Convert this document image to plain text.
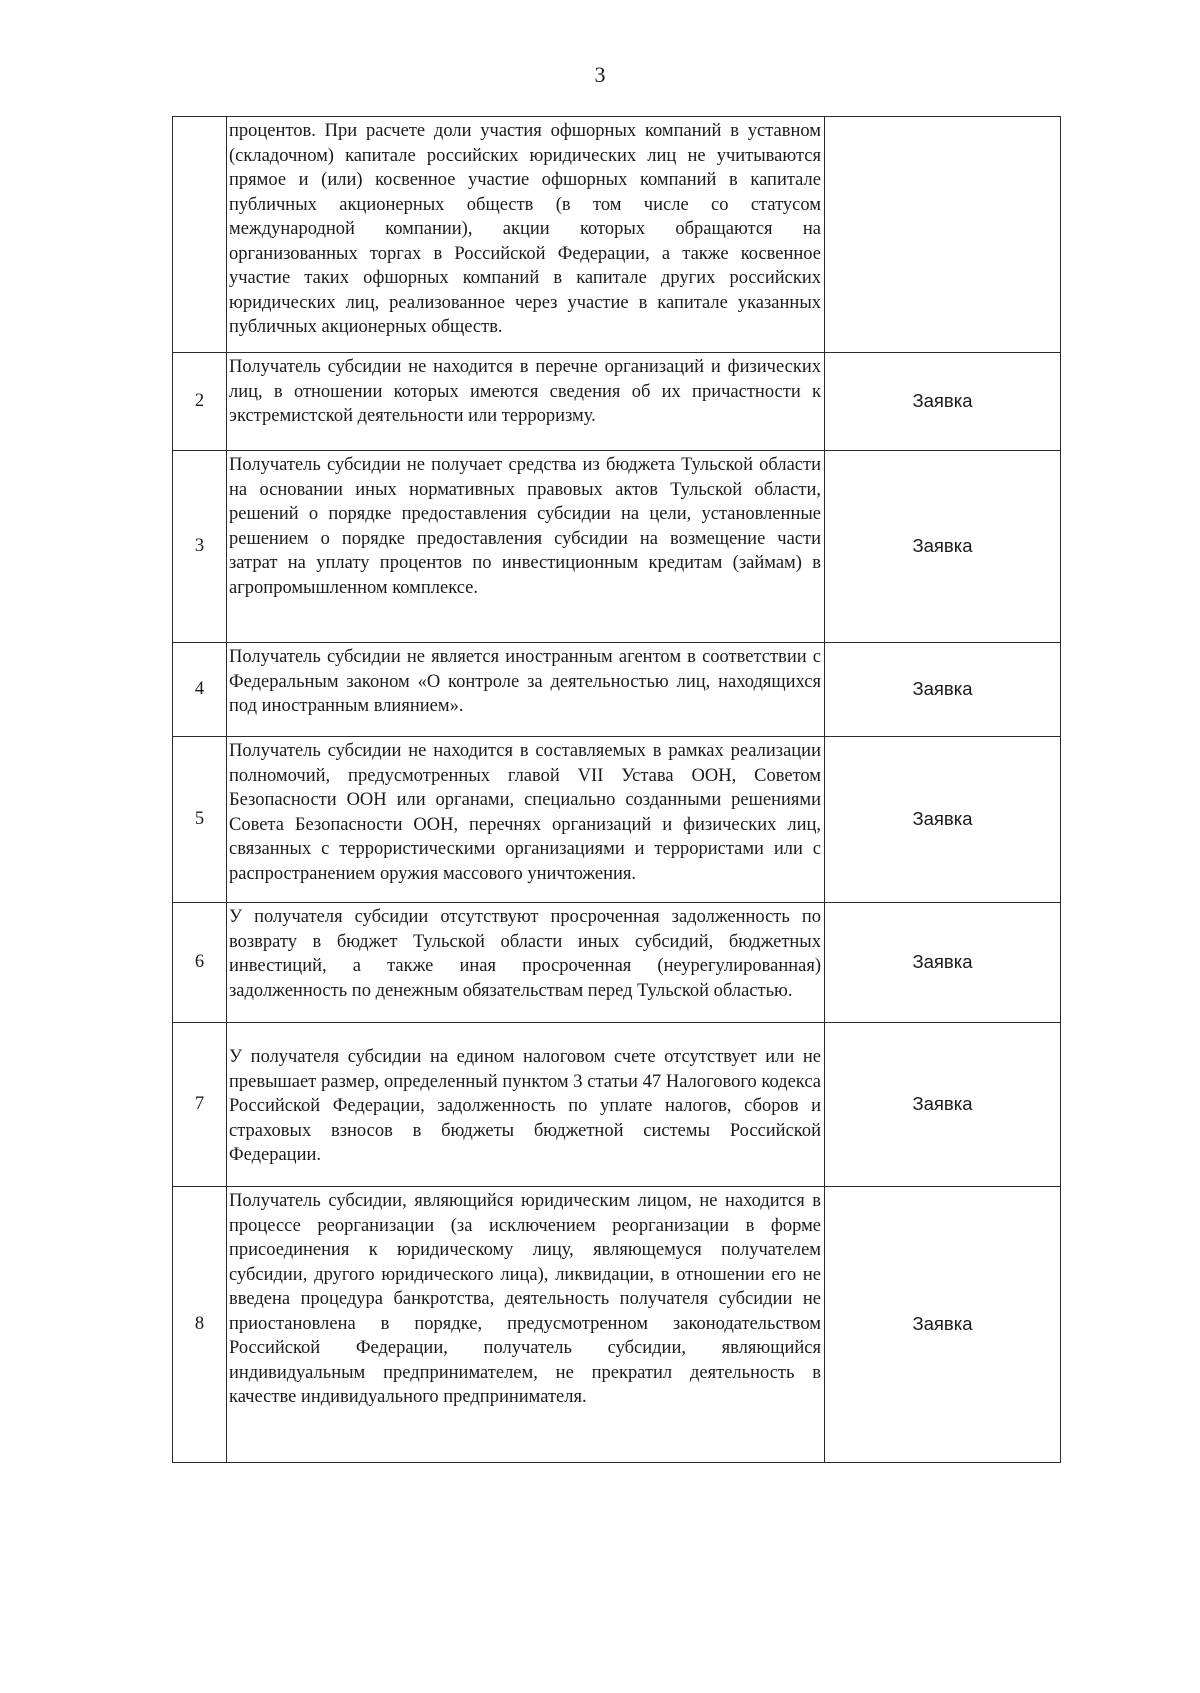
3
	процентов. При расчете доли участия офшорных компаний в уставном (складочном) капитале российских юридических лиц не учитываются прямое и (или) косвенное участие офшорных компаний в капитале публичных акционерных обществ (в том числе со статусом международной компании), акции которых обращаются на организованных торгах в Российской Федерации, а также косвенное участие таких офшорных компаний в капитале других российских юридических лиц, реализованное через участие в капитале указанных публичных акционерных обществ.	
2	Получатель субсидии не находится в перечне организаций и физических лиц, в отношении которых имеются сведения об их причастности к экстремистской деятельности или терроризму.	Заявка
3	Получатель субсидии не получает средства из бюджета Тульской области на основании иных нормативных правовых актов Тульской области, решений о порядке предоставления субсидии на цели, установленные решением о порядке предоставления субсидии на возмещение части затрат на уплату процентов по инвестиционным кредитам (займам) в агропромышленном комплексе.	Заявка
4	Получатель субсидии не является иностранным агентом в соответствии с Федеральным законом «О контроле за деятельностью лиц, находящихся под иностранным влиянием».	Заявка
5	Получатель субсидии не находится в составляемых в рамках реализации полномочий, предусмотренных главой VII Устава ООН, Советом Безопасности ООН или органами, специально созданными решениями Совета Безопасности ООН, перечнях организаций и физических лиц, связанных с террористическими организациями и террористами или с распространением оружия массового уничтожения.	Заявка
6	У получателя субсидии отсутствуют просроченная задолженность по возврату в бюджет Тульской области иных субсидий, бюджетных инвестиций, а также иная просроченная (неурегулированная) задолженность по денежным обязательствам перед Тульской областью.	Заявка
7	У получателя субсидии на едином налоговом счете отсутствует или не превышает размер, определенный пунктом 3 статьи 47 Налогового кодекса Российской Федерации, задолженность по уплате налогов, сборов и страховых взносов в бюджеты бюджетной системы Российской Федерации.	Заявка
8	Получатель субсидии, являющийся юридическим лицом, не находится в процессе реорганизации (за исключением реорганизации в форме присоединения к юридическому лицу, являющемуся получателем субсидии, другого юридического лица), ликвидации, в отношении его не введена процедура банкротства, деятельность получателя субсидии не приостановлена в порядке, предусмотренном законодательством Российской Федерации, получатель субсидии, являющийся индивидуальным предпринимателем, не прекратил деятельность в качестве индивидуального предпринимателя.	Заявка
